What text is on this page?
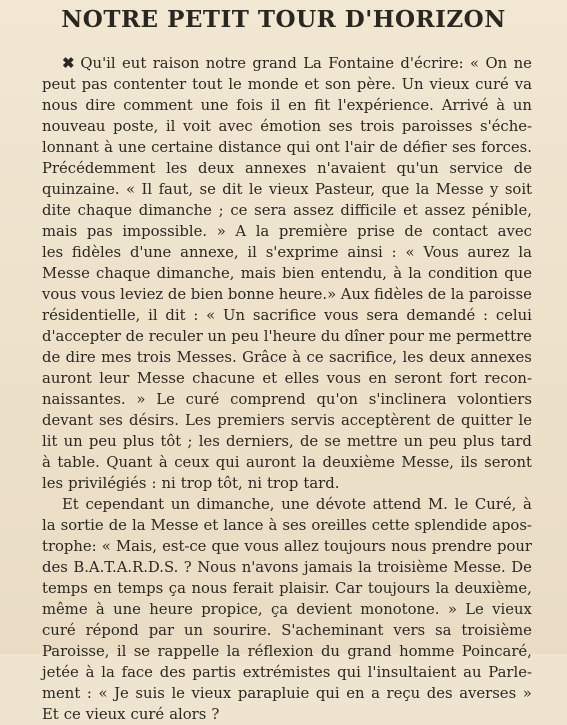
NOTRE PETIT TOUR D'HORIZON
✖ Qu'il eut raison notre grand La Fontaine d'écrire: « On ne
peut pas contenter tout le monde et son père. Un vieux curé va
nous dire comment une fois il en fit l'expérience. Arrivé à un
nouveau poste, il voit avec émotion ses trois paroisses s'éche-
lonnant à une certaine distance qui ont l'air de défier ses forces.
Précédemment les deux annexes n'avaient qu'un service de
quinzaine. « Il faut, se dit le vieux Pasteur, que la Messe y soit
dite chaque dimanche ; ce sera assez difficile et assez pénible,
mais pas impossible. » A la première prise de contact avec
les fidèles d'une annexe, il s'exprime ainsi : « Vous aurez la
Messe chaque dimanche, mais bien entendu, à la condition que
vous vous leviez de bien bonne heure.» Aux fidèles de la paroisse
résidentielle, il dit : « Un sacrifice vous sera demandé : celui
d'accepter de reculer un peu l'heure du dîner pour me permettre
de dire mes trois Messes. Grâce à ce sacrifice, les deux annexes
auront leur Messe chacune et elles vous en seront fort recon-
naissantes. » Le curé comprend qu'on s'inclinera volontiers
devant ses désirs. Les premiers servis acceptèrent de quitter le
lit un peu plus tôt ; les derniers, de se mettre un peu plus tard
à table. Quant à ceux qui auront la deuxième Messe, ils seront
les privilégiés : ni trop tôt, ni trop tard.
Et cependant un dimanche, une dévote attend M. le Curé, à
la sortie de la Messe et lance à ses oreilles cette splendide apos-
trophe: « Mais, est-ce que vous allez toujours nous prendre pour
des B.A.T.A.R.D.S. ? Nous n'avons jamais la troisième Messe. De
temps en temps ça nous ferait plaisir. Car toujours la deuxième,
même à une heure propice, ça devient monotone. » Le vieux
curé répond par un sourire. S'acheminant vers sa troisième
Paroisse, il se rappelle la réflexion du grand homme Poincaré,
jetée à la face des partis extrémistes qui l'insultaient au Parle-
ment : « Je suis le vieux parapluie qui en a reçu des averses »
Et ce vieux curé alors ?
